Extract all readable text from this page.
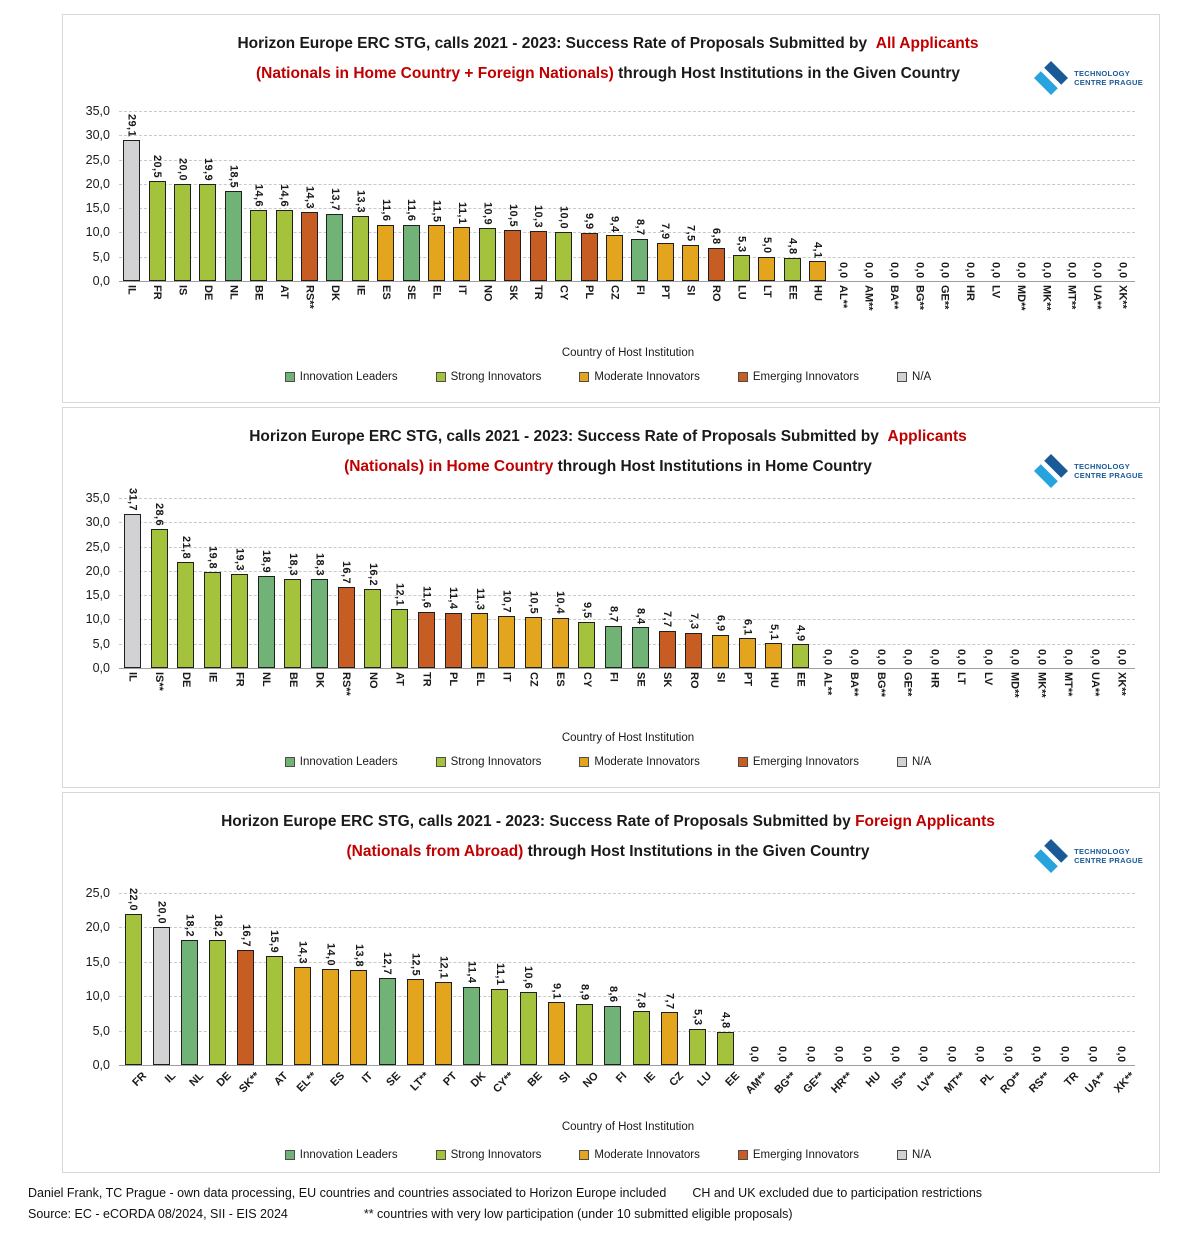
Horizon Europe ERC STG, calls 2021 - 2023: Success Rate of Proposals Submitted by  All Applicants
(Nationals in Home Country + Foreign Nationals) through Host Institutions in the Given Country	TECHNOLOGY
CENTRE PRAGUE
35,0
30,0
25,0
20,0
15,0
10,0
5,0
0,0
29,1
20,5 20,0 19,9 18,5
14,6 14,6 14,3 13,7 13,3 11,6 11,6 11,5 11,1 10,9 10,5 10,3 10,0 9,9 9,4 8,7 7,9 7,5 6,8 5,3 5,0 4,8 4,1
0,0 0,0 0,0 0,0 0,0 0,0 0,0 0,0 0,0 0,0 0,0 0,0
IL FR IS DE NL BE AT RS** DK IE ES SE EL IT NO SK TR CY PL CZ FI PT SI RO LU LT EE HU AL** AM** BA** BG** GE** HR LV MD** MK** MT** UA** XK**
Country of Host Institution
Innovation Leaders	Strong Innovators	Moderate Innovators	Emerging Innovators	N/A
Horizon Europe ERC STG, calls 2021 - 2023: Success Rate of Proposals Submitted by  Applicants
(Nationals) in Home Country through Host Institutions in Home Country	TECHNOLOGY
CENTRE PRAGUE
35,0
30,0
25,0
20,0
15,0
10,0
5,0
0,0
31,7
28,6
21,8 19,8 19,3 18,9 18,3 18,3 16,7 16,2
12,1 11,6 11,4 11,3 10,7 10,5 10,4 9,5 8,7 8,4 7,7 7,3 6,9 6,1 5,1 4,9
0,0 0,0 0,0 0,0 0,0 0,0 0,0 0,0 0,0 0,0 0,0 0,0
IL IS** DE IE FR NL BE DK RS** NO AT TR PL EL IT CZ ES CY FI SE SK RO SI PT HU EE AL** BA** BG** GE** HR LT LV MD** MK** MT** UA** XK**
Country of Host Institution
Innovation Leaders	Strong Innovators	Moderate Innovators	Emerging Innovators	N/A
Horizon Europe ERC STG, calls 2021 - 2023: Success Rate of Proposals Submitted by Foreign Applicants
(Nationals from Abroad) through Host Institutions in the Given Country	TECHNOLOGY
CENTRE PRAGUE
25,0
20,0
15,0
10,0
5,0
0,0
22,0
20,0
18,2 18,2 16,7 15,9 14,3 14,0 13,8 12,7 12,5 12,1 11,4 11,1 10,6
9,1 8,9 8,6 7,8 7,7
5,3 4,8
0,0 0,0 0,0 0,0 0,0 0,0 0,0 0,0 0,0 0,0 0,0 0,0 0,0 0,0
FR IL NL DE SK** AT EL** ES IT SE LT** PT DK CY** BE SI NO FI IE CZ LU EE AM** BG** GE** HR** HU IS** LV** MT** PL RO** RS** TR UA** XK**
Country of Host Institution
Innovation Leaders	Strong Innovators	Moderate Innovators	Emerging Innovators	N/A
Daniel Frank, TC Prague - own data processing, EU countries and countries associated to Horizon Europe included CH and UK excluded due to participation restrictions
Source: EC - eCORDA 08/2024, SII - EIS 2024	** countries with very low participation (under 10 submitted eligible proposals)
